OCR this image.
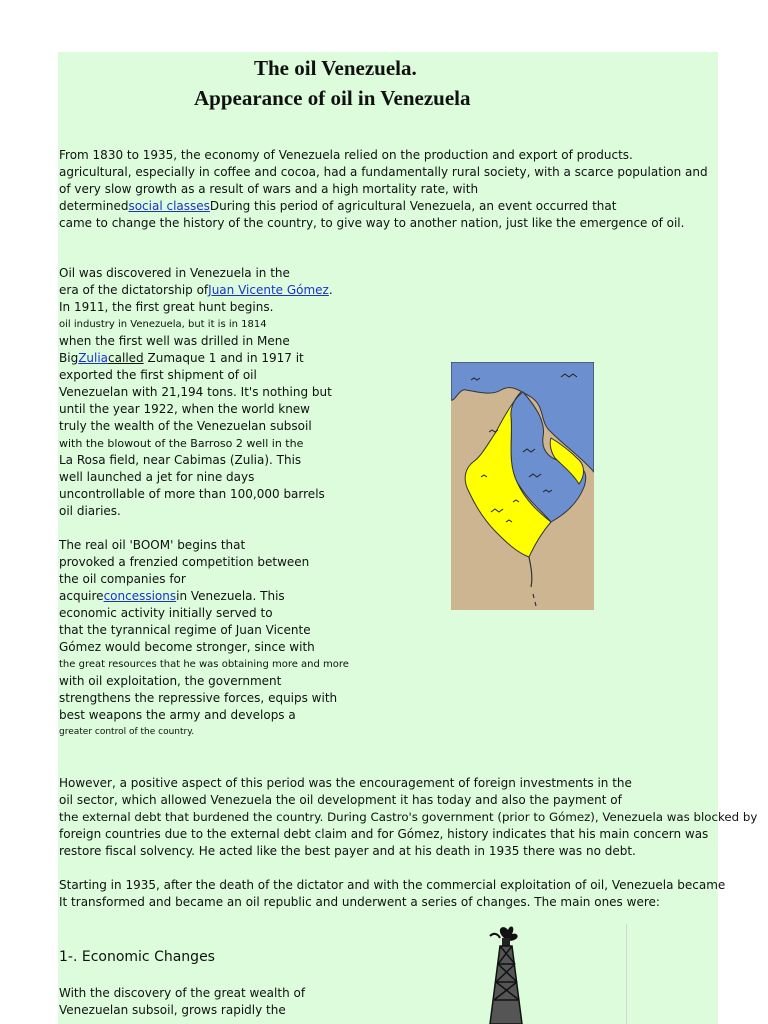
The oil Venezuela.
Appearance of oil in Venezuela
From 1830 to 1935, the economy of Venezuela relied on the production and export of products.
agricultural, especially in coffee and cocoa, had a fundamentally rural society, with a scarce population and
of very slow growth as a result of wars and a high mortality rate, with
determinedsocial classesDuring this period of agricultural Venezuela, an event occurred that
came to change the history of the country, to give way to another nation, just like the emergence of oil.
Oil was discovered in Venezuela in the
era of the dictatorship ofJuan Vicente Gómez.
In 1911, the first great hunt begins.
oil industry in Venezuela, but it is in 1814
when the first well was drilled in Mene
BigZuliacalled Zumaque 1 and in 1917 it
exported the first shipment of oil
Venezuelan with 21,194 tons. It's nothing but
until the year 1922, when the world knew
truly the wealth of the Venezuelan subsoil
with the blowout of the Barroso 2 well in the
La Rosa field, near Cabimas (Zulia). This
well launched a jet for nine days
uncontrollable of more than 100,000 barrels
oil diaries.
The real oil 'BOOM' begins that
provoked a frenzied competition between
the oil companies for
acquireconcessionsin Venezuela. This
economic activity initially served to
that the tyrannical regime of Juan Vicente
Gómez would become stronger, since with
the great resources that he was obtaining more and more
with oil exploitation, the government
strengthens the repressive forces, equips with
best weapons the army and develops a
greater control of the country.
However, a positive aspect of this period was the encouragement of foreign investments in the
oil sector, which allowed Venezuela the oil development it has today and also the payment of
the external debt that burdened the country. During Castro's government (prior to Gómez), Venezuela was blocked by
foreign countries due to the external debt claim and for Gómez, history indicates that his main concern was
restore fiscal solvency. He acted like the best payer and at his death in 1935 there was no debt.
Starting in 1935, after the death of the dictator and with the commercial exploitation of oil, Venezuela became
It transformed and became an oil republic and underwent a series of changes. The main ones were:
1-. Economic Changes
With the discovery of the great wealth of
Venezuelan subsoil, grows rapidly the
